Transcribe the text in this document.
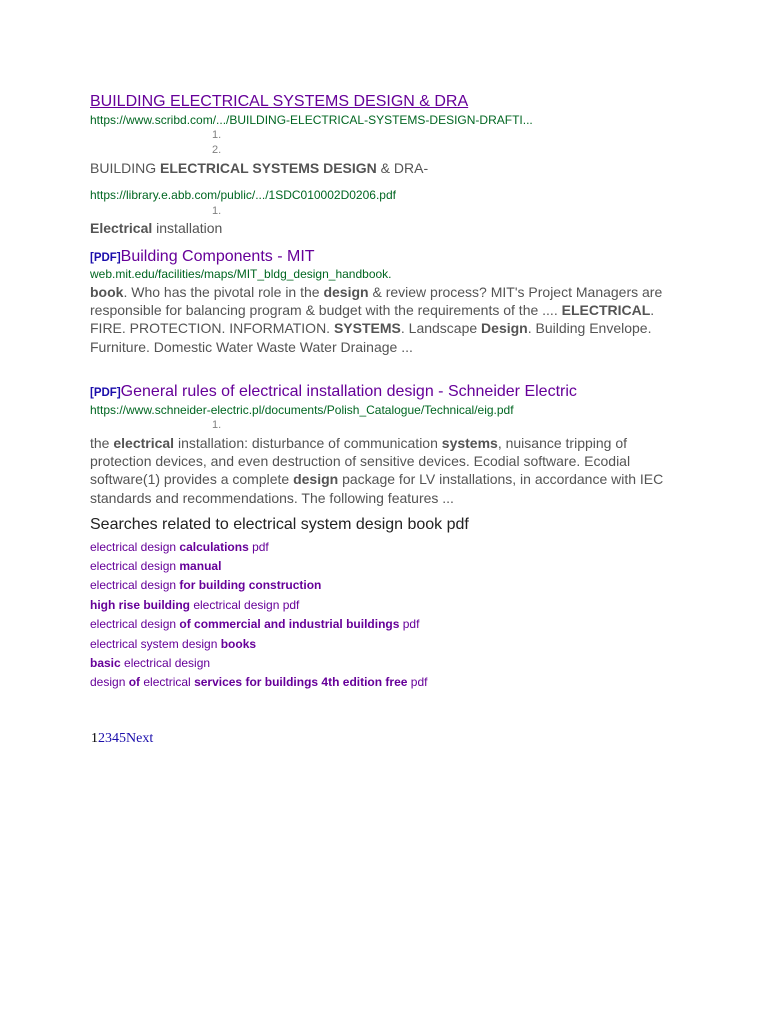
BUILDING ELECTRICAL SYSTEMS DESIGN & DRA
https://www.scribd.com/.../BUILDING-ELECTRICAL-SYSTEMS-DESIGN-DRAFTI...
1.
2.
BUILDING ELECTRICAL SYSTEMS DESIGN & DRA-
https://library.e.abb.com/public/.../1SDC010002D0206.pdf
1.
Electrical installation
[PDF]Building Components - MIT
web.mit.edu/facilities/maps/MIT_bldg_design_handbook.
book. Who has the pivotal role in the design & review process? MIT's Project Managers are responsible for balancing program & budget with the requirements of the .... ELECTRICAL. FIRE. PROTECTION. INFORMATION. SYSTEMS. Landscape Design. Building Envelope. Furniture. Domestic Water Waste Water Drainage ...
[PDF]General rules of electrical installation design - Schneider Electric
https://www.schneider-electric.pl/documents/Polish_Catalogue/Technical/eig.pdf
1.
the electrical installation: disturbance of communication systems, nuisance tripping of protection devices, and even destruction of sensitive devices. Ecodial software. Ecodial software(1) provides a complete design package for LV installations, in accordance with IEC standards and recommendations. The following features ...
Searches related to electrical system design book pdf
electrical design calculations pdf
electrical design manual
electrical design for building construction
high rise building electrical design pdf
electrical design of commercial and industrial buildings pdf
electrical system design books
basic electrical design
design of electrical services for buildings 4th edition free pdf
12345Next
